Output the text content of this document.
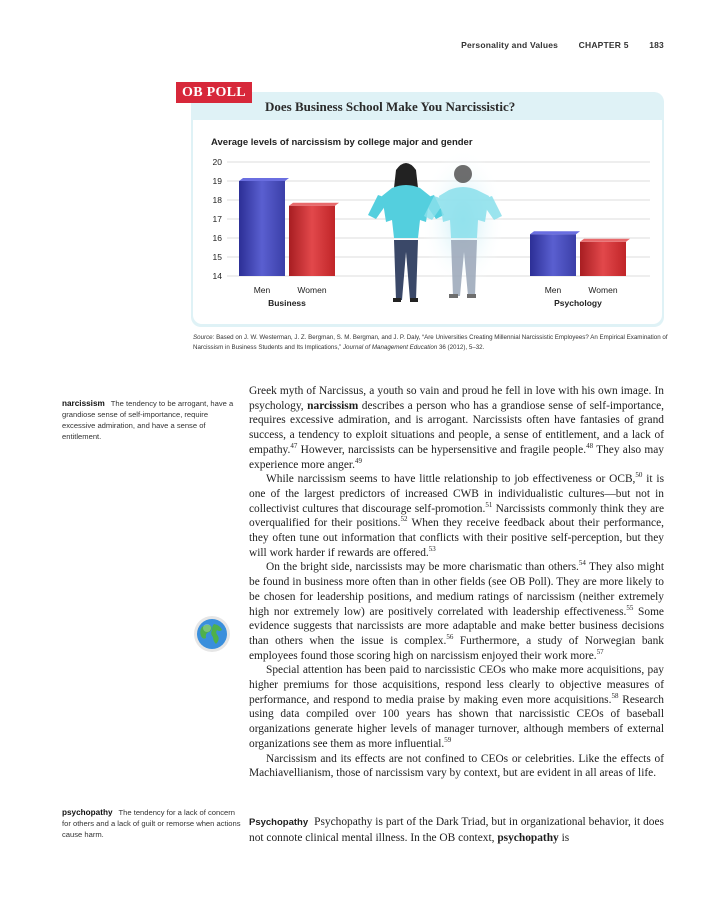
Personality and Values CHAPTER 5 183
OB POLL
Does Business School Make You Narcissistic?
Average levels of narcissism by college major and gender
14
15
16
17
18
19
20
Men	Women
Business
Men	Women
Psychology
Source: Based on J. W. Westerman, J. Z. Bergman, S. M. Bergman, and J. P. Daly, “Are Universities Creating Millennial Narcissistic Employees? An Empirical Examination of Narcissism in Business Students and Its Implications,” Journal of Management Education 36 (2012), 5–32.
narcissism The tendency to be arrogant, have a grandiose sense of self-importance, require excessive admiration, and have a sense of entitlement.
psychopathy The tendency for a lack of concern for others and a lack of guilt or remorse when actions cause harm.

Greek myth of Narcissus, a youth so vain and proud he fell in love with his own image. In psychology, narcissism describes a person who has a grandiose sense of self-importance, requires excessive admiration, and is arrogant. Narcissists often have fantasies of grand success, a tendency to exploit situations and people, a sense of entitlement, and a lack of empathy.$^{47}$ However, narcissists can be hypersensitive and fragile people.$^{48}$ They also may experience more anger.$^{49}$

While narcissism seems to have little relationship to job effectiveness or OCB,$^{50}$ it is one of the largest predictors of increased CWB in individualistic cultures—but not in collectivist cultures that discourage self-promotion.$^{51}$ Narcissists commonly think they are overqualified for their positions.$^{52}$ When they receive feedback about their performance, they often tune out information that conflicts with their positive self-perception, but they will work harder if rewards are offered.$^{53}$

On the bright side, narcissists may be more charismatic than others.$^{54}$ They also might be found in business more often than in other fields (see OB Poll). They are more likely to be chosen for leadership positions, and medium ratings of narcissism (neither extremely high nor extremely low) are positively correlated with leadership effectiveness.$^{55}$ Some evidence suggests that narcissists are more adaptable and make better business decisions than others when the issue is complex.$^{56}$ Furthermore, a study of Norwegian bank employees found those scoring high on narcissism enjoyed their work more.$^{57}$

Special attention has been paid to narcissistic CEOs who make more acquisitions, pay higher premiums for those acquisitions, respond less clearly to objective measures of performance, and respond to media praise by making even more acquisitions.$^{58}$ Research using data compiled over 100 years has shown that narcissistic CEOs of baseball organizations generate higher levels of manager turnover, although members of external organizations see them as more influential.$^{59}$

Narcissism and its effects are not confined to CEOs or celebrities. Like the effects of Machiavellianism, those of narcissism vary by context, but are evident in all areas of life.

Psychopathy Psychopathy is part of the Dark Triad, but in organizational behavior, it does not connote clinical mental illness. In the OB context, psychopathy is
